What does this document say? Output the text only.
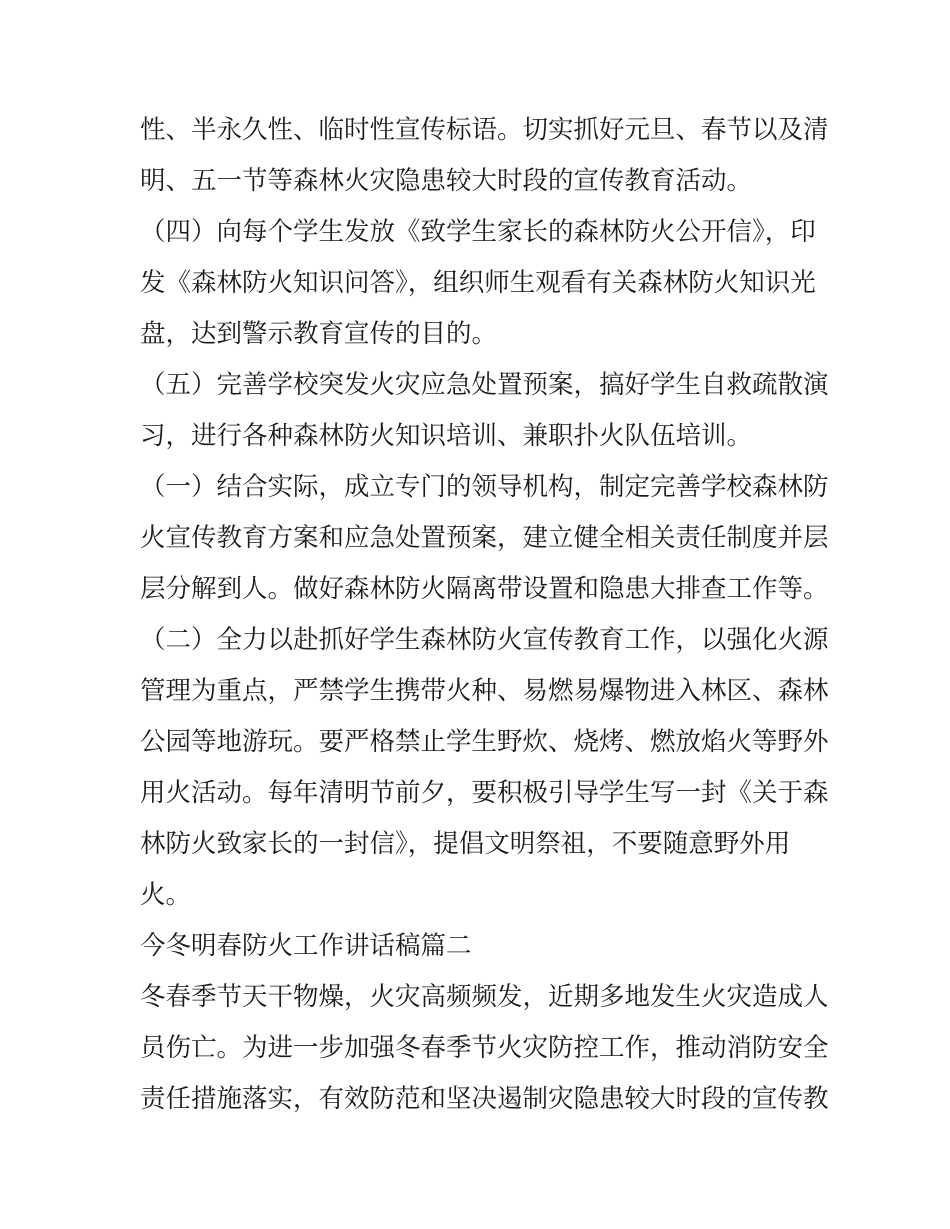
性、半永久性、临时性宣传标语。切实抓好元旦、春节以及清
明、五一节等森林火灾隐患较大时段的宣传教育活动。
（四）向每个学生发放《致学生家长的森林防火公开信》，印
发《森林防火知识问答》，组织师生观看有关森林防火知识光
盘，达到警示教育宣传的目的。
（五）完善学校突发火灾应急处置预案，搞好学生自救疏散演
习，进行各种森林防火知识培训、兼职扑火队伍培训。
（一）结合实际，成立专门的领导机构，制定完善学校森林防
火宣传教育方案和应急处置预案，建立健全相关责任制度并层
层分解到人。做好森林防火隔离带设置和隐患大排查工作等。
（二）全力以赴抓好学生森林防火宣传教育工作，以强化火源
管理为重点，严禁学生携带火种、易燃易爆物进入林区、森林
公园等地游玩。要严格禁止学生野炊、烧烤、燃放焰火等野外
用火活动。每年清明节前夕，要积极引导学生写一封《关于森
林防火致家长的一封信》，提倡文明祭祖，不要随意野外用
火。
今冬明春防火工作讲话稿篇二
冬春季节天干物燥，火灾高频频发，近期多地发生火灾造成人
员伤亡。为进一步加强冬春季节火灾防控工作，推动消防安全
责任措施落实，有效防范和坚决遏制灾隐患较大时段的宣传教
